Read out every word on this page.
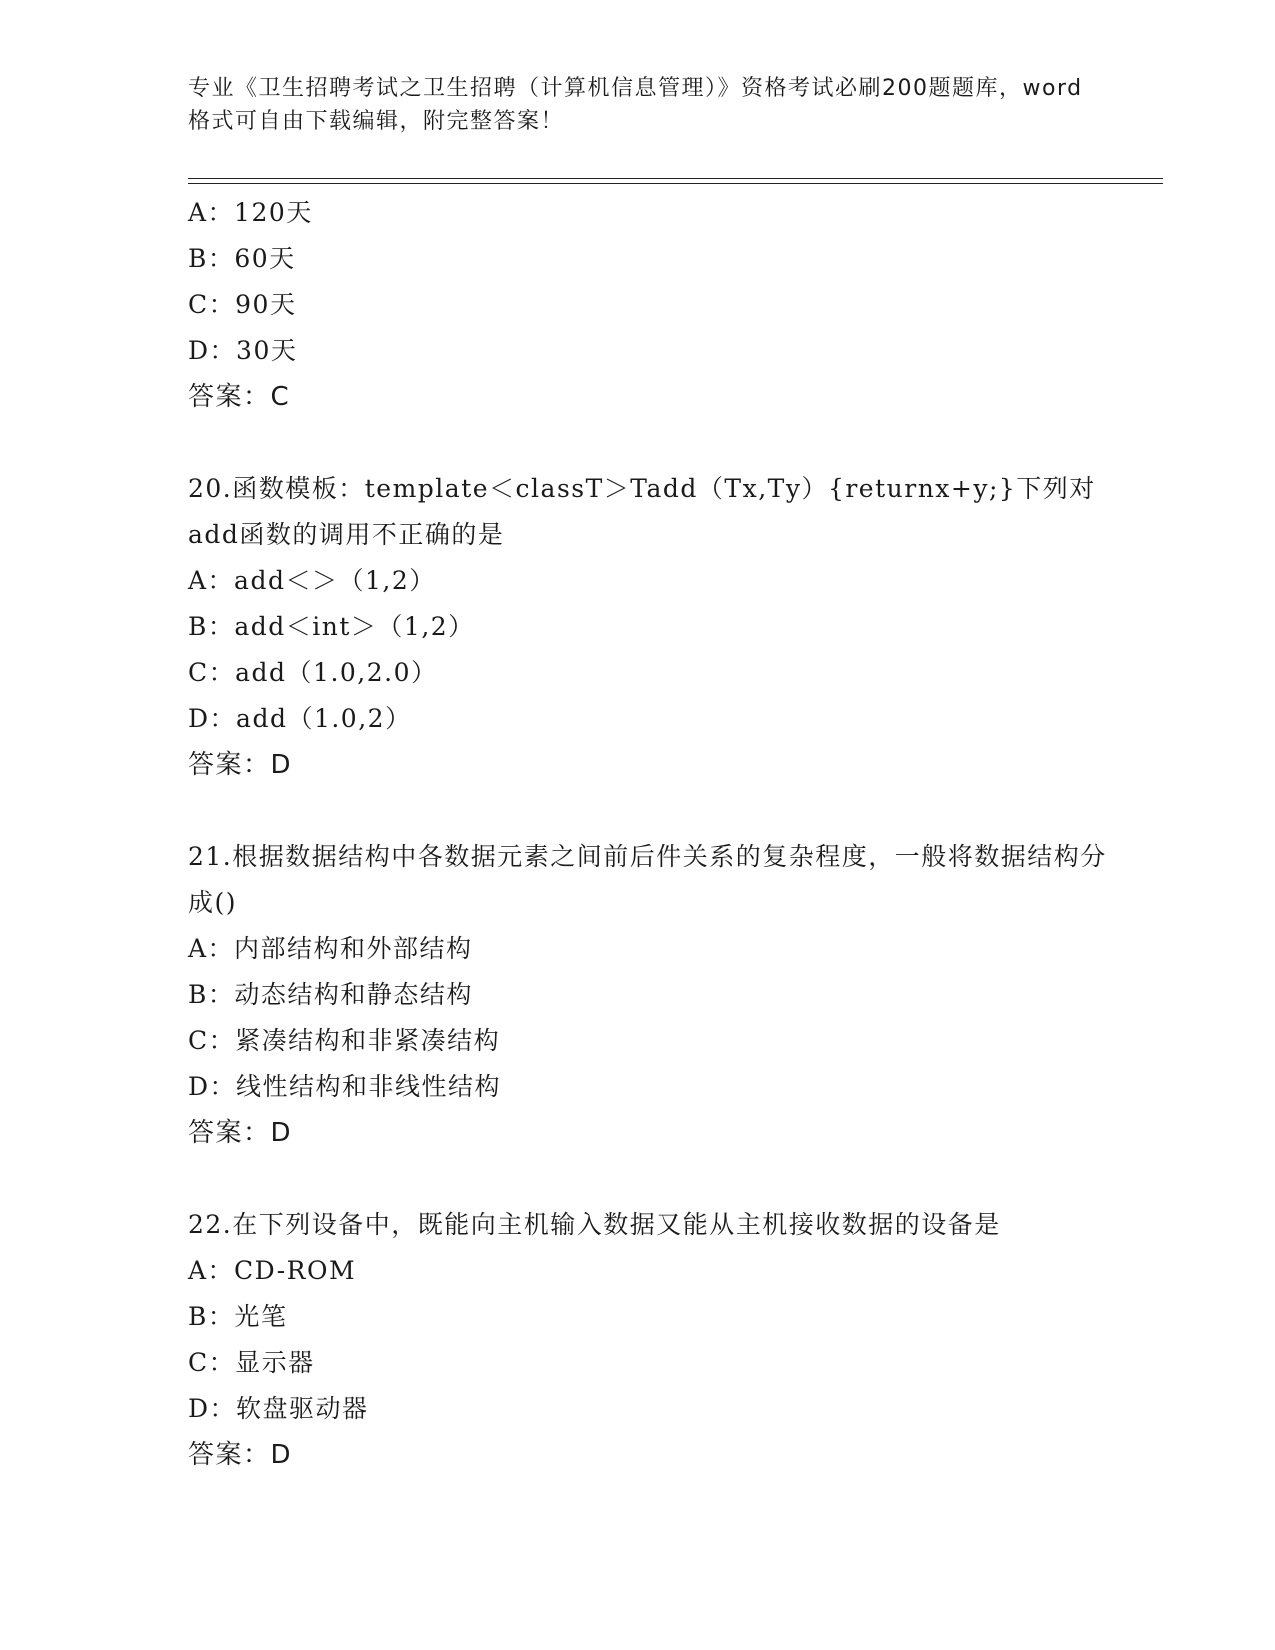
专业《卫生招聘考试之卫生招聘（计算机信息管理）》资格考试必刷200题题库，word格式可自由下载编辑，附完整答案！
A：120天
B：60天
C：90天
D：30天
答案：C
20.函数模板：template＜classT＞Tadd（Tx,Ty）{returnx+y;}下列对add函数的调用不正确的是
A：add＜＞（1,2）
B：add＜int＞（1,2）
C：add（1.0,2.0）
D：add（1.0,2）
答案：D
21.根据数据结构中各数据元素之间前后件关系的复杂程度，一般将数据结构分成()
A：内部结构和外部结构
B：动态结构和静态结构
C：紧凑结构和非紧凑结构
D：线性结构和非线性结构
答案：D
22.在下列设备中，既能向主机输入数据又能从主机接收数据的设备是
A：CD-ROM
B：光笔
C：显示器
D：软盘驱动器
答案：D
